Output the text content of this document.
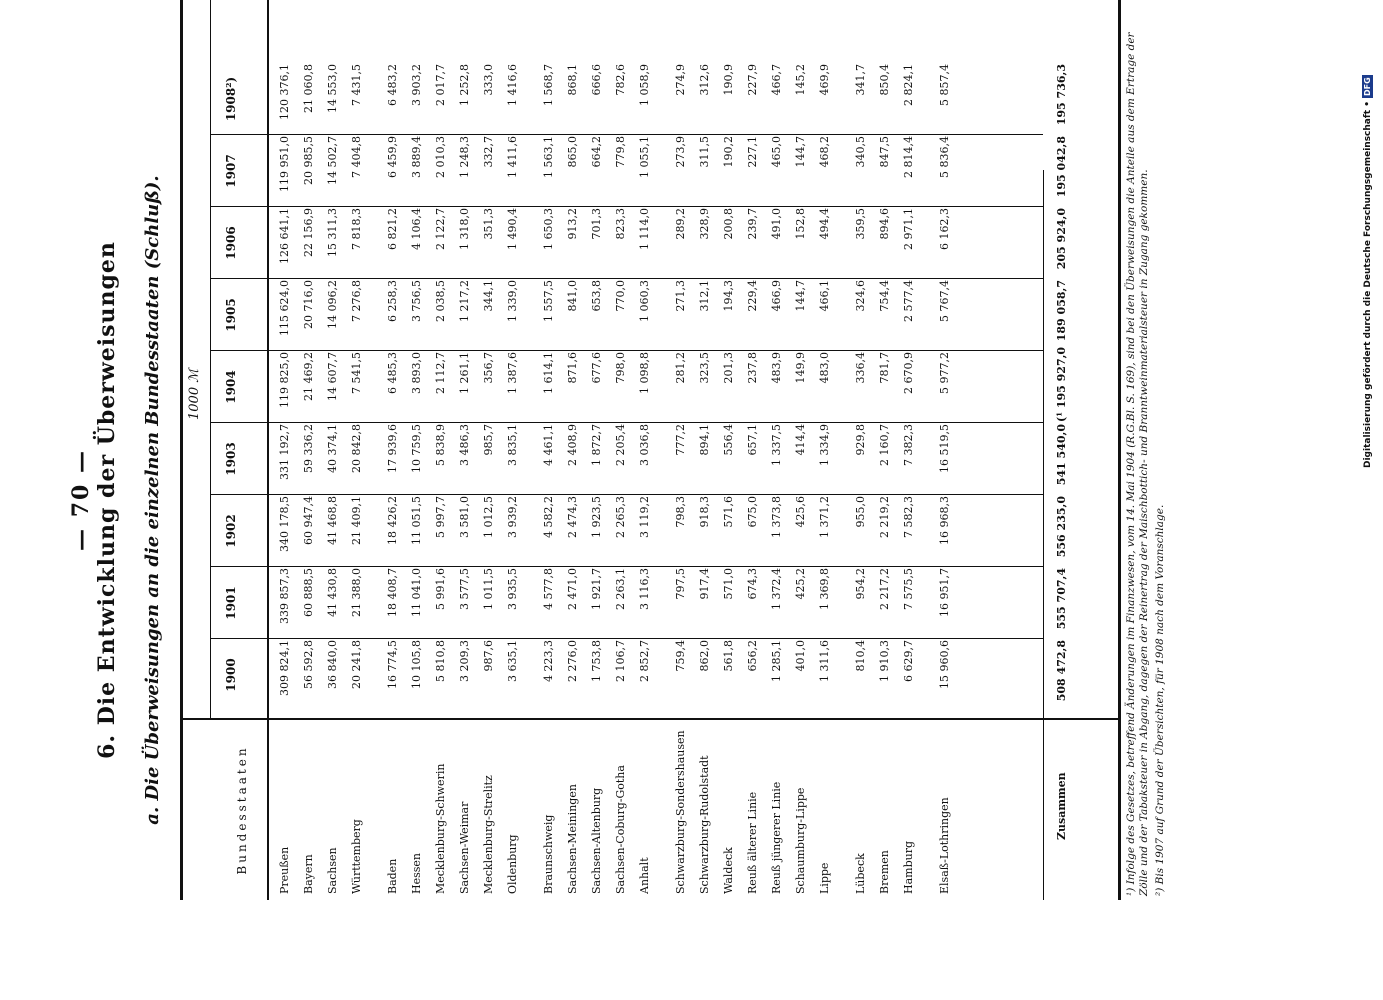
— 70 — 6. Die Entwicklung der Überweisungen a. Die Überweisungen an die einzelnen Bundesstaaten (Schluß).	Bundesstaaten
1900
1901
1902
1903
1904
1905
1906
1907
1908²)
Preußen
309 824,1
339 857,3
340 178,5
331 192,7
119 825,0
115 624,0
126 641,1
119 951,0
120 376,1
Bayern
56 592,8
60 888,5
60 947,4
59 336,2
21 469,2
20 716,0
22 156,9
20 985,5
21 060,8
Sachsen
36 840,0
41 430,8
41 468,8
40 374,1
14 607,7
14 096,2
15 311,3
14 502,7
14 553,0
Württemberg
20 241,8
21 388,0
21 409,1
20 842,8
7 541,5
7 276,8
7 818,3
7 404,8
7 431,5
Baden
16 774,5
18 408,7
18 426,2
17 939,6
6 485,3
6 258,3
6 821,2
6 459,9
6 483,2
Hessen
10 105,8
11 041,0
11 051,5
10 759,5
3 893,0
3 756,5
4 106,4
3 889,4
3 903,2
Mecklenburg-Schwerin
5 810,8
5 991,6
5 997,7
5 838,9
2 112,7
2 038,5
2 122,7
2 010,3
2 017,7
Sachsen-Weimar
3 209,3
3 577,5
3 581,0
3 486,3
1 261,1
1 217,2
1 318,0
1 248,3
1 252,8
Mecklenburg-Strelitz
987,6
1 011,5
1 012,5
985,7
356,7
344,1
351,3
332,7
333,0
Oldenburg
3 635,1
3 935,5
3 939,2
3 835,1
1 387,6
1 339,0
1 490,4
1 411,6
1 416,6
Braunschweig
4 223,3
4 577,8
4 582,2
4 461,1
1 614,1
1 557,5
1 650,3
1 563,1
1 568,7
Sachsen-Meiningen
2 276,0
2 471,0
2 474,3
2 408,9
871,6
841,0
913,2
865,0
868,1
Sachsen-Altenburg
1 753,8
1 921,7
1 923,5
1 872,7
677,6
653,8
701,3
664,2
666,6
Sachsen-Coburg-Gotha
2 106,7
2 263,1
2 265,3
2 205,4
798,0
770,0
823,3
779,8
782,6
Anhalt
2 852,7
3 116,3
3 119,2
3 036,8
1 098,8
1 060,3
1 114,0
1 055,1
1 058,9
Schwarzburg-Sondershausen
759,4
797,5
798,3
777,2
281,2
271,3
289,2
273,9
274,9
Schwarzburg-Rudolstadt
862,0
917,4
918,3
894,1
323,5
312,1
328,9
311,5
312,6
Waldeck
561,8
571,0
571,6
556,4
201,3
194,3
200,8
190,2
190,9
Reuß älterer Linie
656,2
674,3
675,0
657,1
237,8
229,4
239,7
227,1
227,9
Reuß jüngerer Linie
1 285,1
1 372,4
1 373,8
1 337,5
483,9
466,9
491,0
465,0
466,7
Schaumburg-Lippe
401,0
425,2
425,6
414,4
149,9
144,7
152,8
144,7
145,2
Lippe
1 311,6
1 369,8
1 371,2
1 334,9
483,0
466,1
494,4
468,2
469,9
Lübeck
810,4
954,2
955,0
929,8
336,4
324,6
359,5
340,5
341,7
Bremen
1 910,3
2 217,2
2 219,2
2 160,7
781,7
754,4
894,6
847,5
850,4
Hamburg
6 629,7
7 575,5
7 582,3
7 382,3
2 670,9
2 577,4
2 971,1
2 814,4
2 824,1
Elsaß-Lothringen
15 960,6
16 951,7
16 968,3
16 519,5
5 977,2
5 767,4
6 162,3
5 836,4
5 857,4
Zusammen
508 472,8
555 707,4
556 235,0
541 540,0
(¹ 195 927,0
189 058,7
205 924,0
195 042,8
195 736,3
1000 ℳ	¹) Infolge des Gesetzes, betreffend Änderungen im Finanzwesen, vom 14. Mai 1904 (R.G.Bl. S. 169), sind bei den Überweisungen die Anteile aus dem Ertrage der Zölle und der Tabaksteuer in Abgang, dagegen der Reinertrag der Maischbottich- und Branntweinmaterialsteuer in Zugang gekommen. ²) Bis 1907 auf Grund der Übersichten, für 1908 nach dem Voranschlage.

Digitalisierung gefördert durch die Deutsche Forschungsgemeinschaft • DFG
